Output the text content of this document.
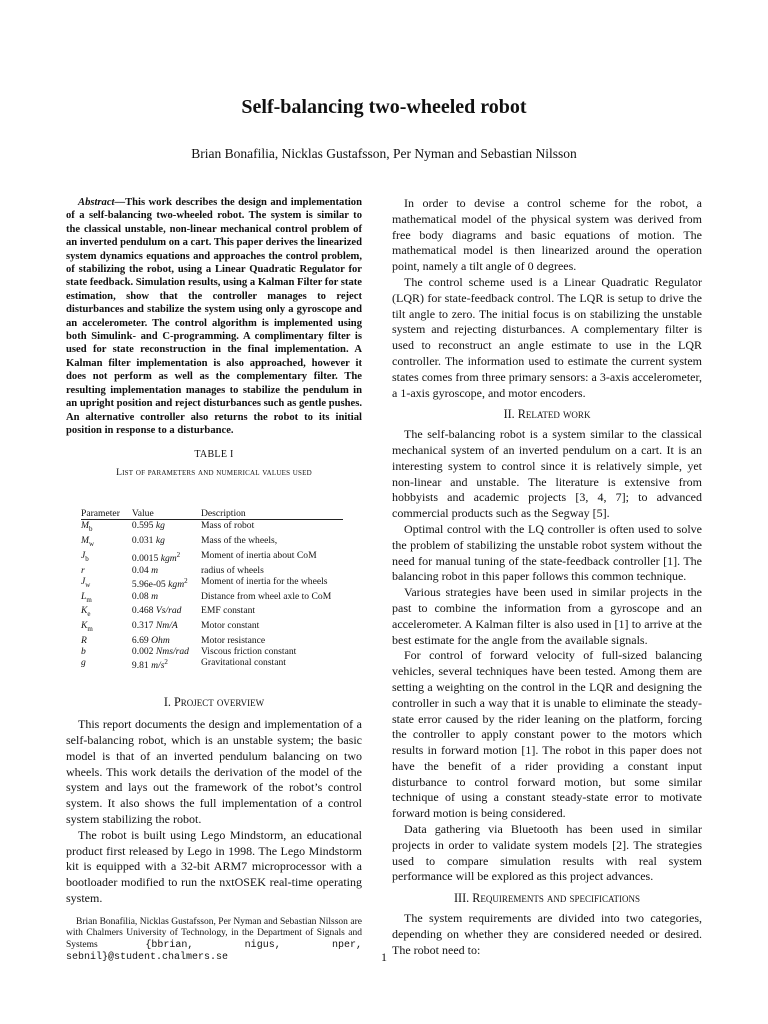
Self-balancing two-wheeled robot
Brian Bonafilia, Nicklas Gustafsson, Per Nyman and Sebastian Nilsson

Abstract—This work describes the design and implementation of a self-balancing two-wheeled robot. The system is similar to the classical unstable, non-linear mechanical control problem of an inverted pendulum on a cart. This paper derives the linearized system dynamics equations and approaches the control problem, of stabilizing the robot, using a Linear Quadratic Regulator for state feedback. Simulation results, using a Kalman Filter for state estimation, show that the controller manages to reject disturbances and stabilize the system using only a gyroscope and an accelerometer. The control algorithm is implemented using both Simulink- and C-programming. A complimentary filter is used for state reconstruction in the final implementation. A Kalman filter implementation is also approached, however it does not perform as well as the complementary filter. The resulting implementation manages to stabilize the pendulum in an upright position and reject disturbances such as gentle pushes. An alternative controller also returns the robot to its initial position in response to a disturbance.

TABLE I
List of parameters and numerical values used
Parameter	Value	Description
$M_b$	0.595 kg	Mass of robot
$M_w$	0.031 kg	Mass of the wheels,
$J_b$	0.0015 kgm$^2$	Moment of inertia about CoM
r	0.04 m	radius of wheels
$J_w$	5.96e-05 kgm$^2$	Moment of inertia for the wheels
$L_m$	0.08 m	Distance from wheel axle to CoM
$K_e$	0.468 Vs/rad	EMF constant
$K_m$	0.317 Nm/A	Motor constant
R	6.69 Ohm	Motor resistance
b	0.002 Nms/rad	Viscous friction constant
g	9.81 $m/s^2$	Gravitational constant
I. Project overview

This report documents the design and implementation of a self-balancing robot, which is an unstable system; the basic model is that of an inverted pendulum balancing on two wheels. This work details the derivation of the model of the system and lays out the framework of the robot’s control system. It also shows the full implementation of a control system stabilizing the robot.

The robot is built using Lego Mindstorm, an educational product first released by Lego in 1998. The Lego Mindstorm kit is equipped with a 32-bit ARM7 microprocessor with a bootloader modified to run the nxtOSEK real-time operating system.

Brian Bonafilia, Nicklas Gustafsson, Per Nyman and Sebastian Nilsson are with Chalmers University of Technology, in the Department of Signals and Systems	{bbrian, nigus, nper, sebnil}@student.chalmers.se

In order to devise a control scheme for the robot, a mathematical model of the physical system was derived from free body diagrams and basic equations of motion. The mathematical model is then linearized around the operation point, namely a tilt angle of 0 degrees.

The control scheme used is a Linear Quadratic Regulator (LQR) for state-feedback control. The LQR is setup to drive the tilt angle to zero. The initial focus is on stabilizing the unstable system and rejecting disturbances. A complementary filter is used to reconstruct an angle estimate to use in the LQR controller. The information used to estimate the current system states comes from three primary sensors: a 3-axis accelerometer, a 1-axis gyroscope, and motor encoders.

II. Related work

The self-balancing robot is a system similar to the classical mechanical system of an inverted pendulum on a cart. It is an interesting system to control since it is relatively simple, yet non-linear and unstable. The literature is extensive from hobbyists and academic projects [3, 4, 7]; to advanced commercial products such as the Segway [5].

Optimal control with the LQ controller is often used to solve the problem of stabilizing the unstable robot system without the need for manual tuning of the state-feedback controller [1]. The balancing robot in this paper follows this common technique.

Various strategies have been used in similar projects in the past to combine the information from a gyroscope and an accelerometer. A Kalman filter is also used in [1] to arrive at the best estimate for the angle from the available signals.

For control of forward velocity of full-sized balancing vehicles, several techniques have been tested. Among them are setting a weighting on the control in the LQR and designing the controller in such a way that it is unable to eliminate the steady-state error caused by the rider leaning on the platform, forcing the controller to apply constant power to the motors which results in forward motion [1]. The robot in this paper does not have the benefit of a rider providing a constant input disturbance to control forward motion, but some similar technique of using a constant steady-state error to motivate forward motion is being considered.

Data gathering via Bluetooth has been used in similar projects in order to validate system models [2]. The strategies used to compare simulation results with real system performance will be explored as this project advances.

III. Requirements and specifications

The system requirements are divided into two categories, depending on whether they are considered needed or desired. The robot need to:

1
